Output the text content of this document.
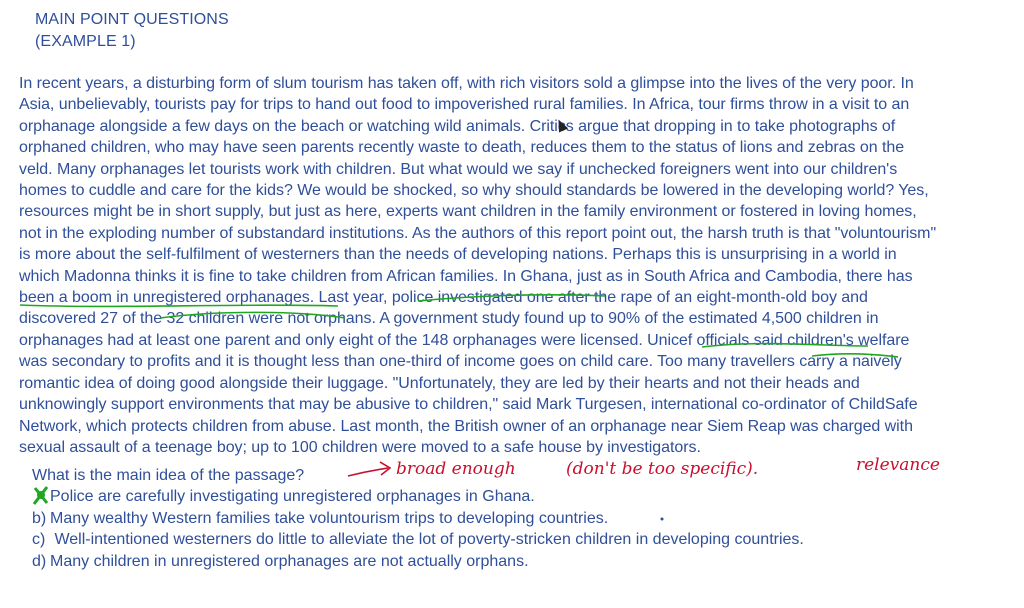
MAIN POINT QUESTIONS
(EXAMPLE 1)
In recent years, a disturbing form of slum tourism has taken off, with rich visitors sold a glimpse into the lives of the very poor. In
Asia, unbelievably, tourists pay for trips to hand out food to impoverished rural families. In Africa, tour firms throw in a visit to an
orphanage alongside a few days on the beach or watching wild animals. Critics argue that dropping in to take photographs of
orphaned children, who may have seen parents recently waste to death, reduces them to the status of lions and zebras on the
veld. Many orphanages let tourists work with children. But what would we say if unchecked foreigners went into our children's
homes to cuddle and care for the kids? We would be shocked, so why should standards be lowered in the developing world? Yes,
resources might be in short supply, but just as here, experts want children in the family environment or fostered in loving homes,
not in the exploding number of substandard institutions. As the authors of this report point out, the harsh truth is that "voluntourism"
is more about the self-fulfilment of westerners than the needs of developing nations. Perhaps this is unsurprising in a world in
which Madonna thinks it is fine to take children from African families. In Ghana, just as in South Africa and Cambodia, there has
been a boom in unregistered orphanages. Last year, police investigated one after the rape of an eight-month-old boy and
discovered 27 of the 32 children were not orphans. A government study found up to 90% of the estimated 4,500 children in
orphanages had at least one parent and only eight of the 148 orphanages were licensed. Unicef officials said children's welfare
was secondary to profits and it is thought less than one-third of income goes on child care. Too many travellers carry a naively
romantic idea of doing good alongside their luggage. "Unfortunately, they are led by their hearts and not their heads and
unknowingly support environments that may be abusive to children," said Mark Turgesen, international co-ordinator of ChildSafe
Network, which protects children from abuse. Last month, the British owner of an orphanage near Siem Reap was charged with
sexual assault of a teenage boy; up to 100 children were moved to a safe house by investigators.
What is the main idea of the passage?
Police are carefully investigating unregistered orphanages in Ghana.
b) Many wealthy Western families take voluntourism trips to developing countries.
c) Well-intentioned westerners do little to alleviate the lot of poverty-stricken children in developing countries.
d) Many children in unregistered orphanages are not actually orphans.
broad enough	(don't be too specific).	relevance
